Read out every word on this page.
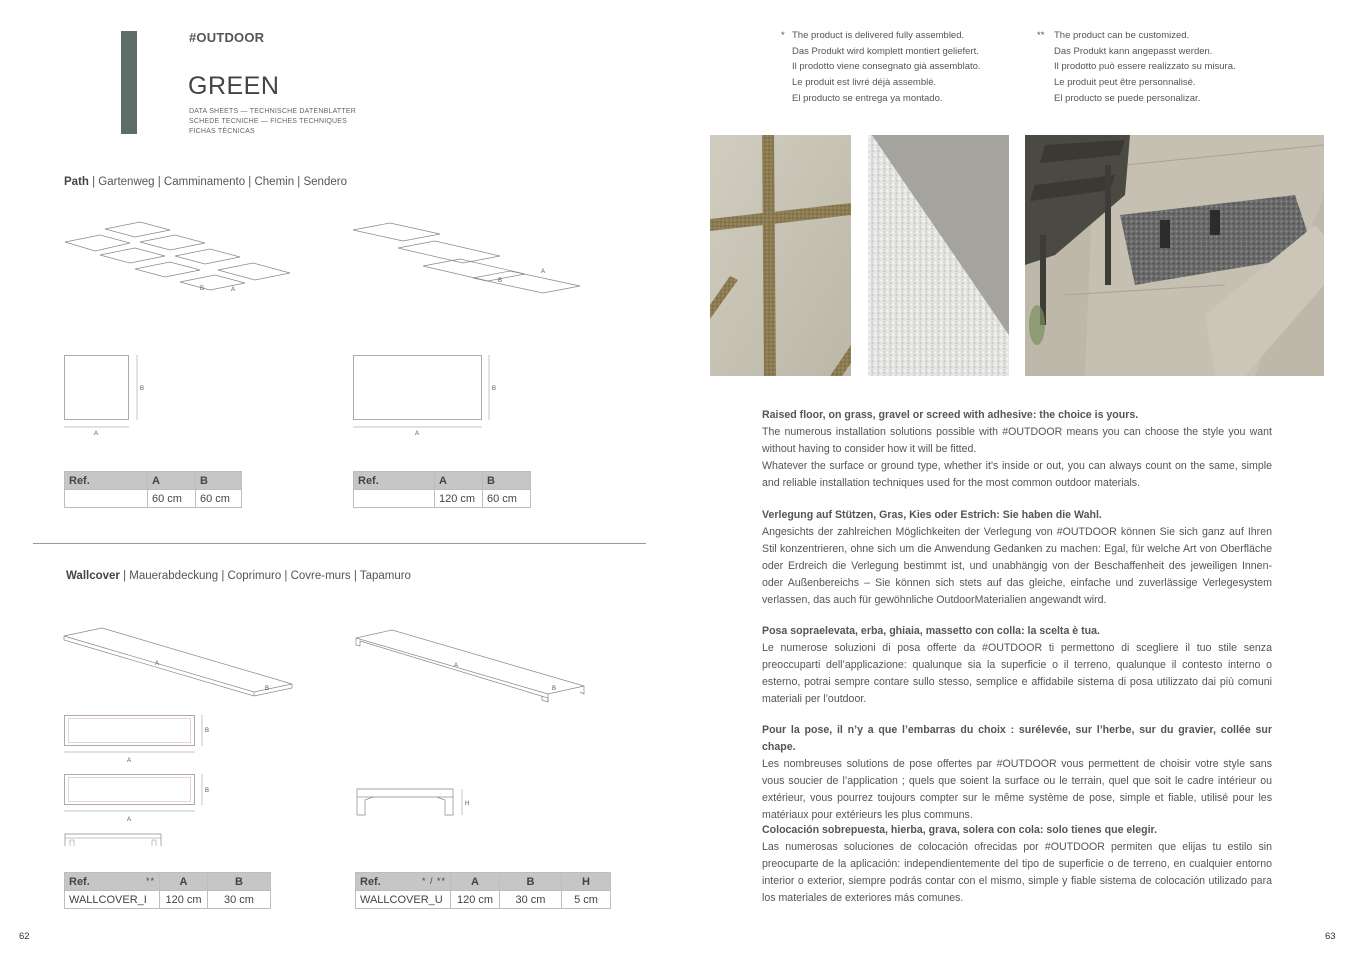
#OUTDOOR
GREEN
DATA SHEETS — TECHNISCHE DATENBLATTER
SCHEDE TECNICHE — FICHES TECHNIQUES
FICHAS TÉCNICAS
Path | Gartenweg | Camminamento | Chemin | Sendero
B	A
B
A
B
A
B
A
Ref.	A	B
	60 cm	60 cm
Ref.	A	B
	120 cm	60 cm
Wallcover | Mauerabdeckung | Coprimuro | Covre-murs | Tapamuro
A
B
A
B
B
A
B
A
H
Ref. **	A	B
WALLCOVER_I	120 cm	30 cm
Ref. * / **	A	B	H
WALLCOVER_U	120 cm	30 cm	5 cm
62
* The product is delivered fully assembled.
Das Produkt wird komplett montiert geliefert.
Il prodotto viene consegnato già assemblato.
Le produit est livré déjà assemblé.
El producto se entrega ya montado.
** The product can be customized.
Das Produkt kann angepasst werden.
Il prodotto può essere realizzato su misura.
Le produit peut être personnalisé.
El producto se puede personalizar.

Raised floor, on grass, gravel or screed with adhesive: the choice is yours.

The numerous installation solutions possible with #OUTDOOR means you can choose the style you want without having to consider how it will be fitted.

Whatever the surface or ground type, whether it's inside or out, you can always count on the same, simple and reliable installation techniques used for the most common outdoor materials.

Verlegung auf Stützen, Gras, Kies oder Estrich: Sie haben die Wahl.

Angesichts der zahlreichen Möglichkeiten der Verlegung von #OUTDOOR können Sie sich ganz auf Ihren Stil konzentrieren, ohne sich um die Anwendung Gedanken zu machen: Egal, für welche Art von Oberfläche oder Erdreich die Verlegung bestimmt ist, und unabhängig von der Beschaffenheit des jeweiligen Innen- oder Außenbereichs – Sie können sich stets auf das gleiche, einfache und zuverlässige Verlegesystem verlassen, das auch für gewöhnliche OutdoorMaterialien angewandt wird.

Posa sopraelevata, erba, ghiaia, massetto con colla: la scelta è tua.

Le numerose soluzioni di posa offerte da #OUTDOOR ti permettono di scegliere il tuo stile senza preoccuparti dell’applicazione: qualunque sia la superficie o il terreno, qualunque il contesto interno o esterno, potrai sempre contare sullo stesso, semplice e affidabile sistema di posa utilizzato dai più comuni materiali per l’outdoor.

Pour la pose, il n’y a que l’embarras du choix : surélevée, sur l’herbe, sur du gravier, collée sur chape.

Les nombreuses solutions de pose offertes par #OUTDOOR vous permettent de choisir votre style sans vous soucier de l’application ; quels que soient la surface ou le terrain, quel que soit le cadre intérieur ou extérieur, vous pourrez toujours compter sur le même système de pose, simple et fiable, utilisé pour les matériaux pour extérieurs les plus communs.

Colocación sobrepuesta, hierba, grava, solera con cola: solo tienes que elegir.

Las numerosas soluciones de colocación ofrecidas por #OUTDOOR permiten que elijas tu estilo sin preocuparte de la aplicación: independientemente del tipo de superficie o de terreno, en cualquier entorno interior o exterior, siempre podrás contar con el mismo, simple y fiable sistema de colocación utilizado para los materiales de exteriores más comunes.

63
